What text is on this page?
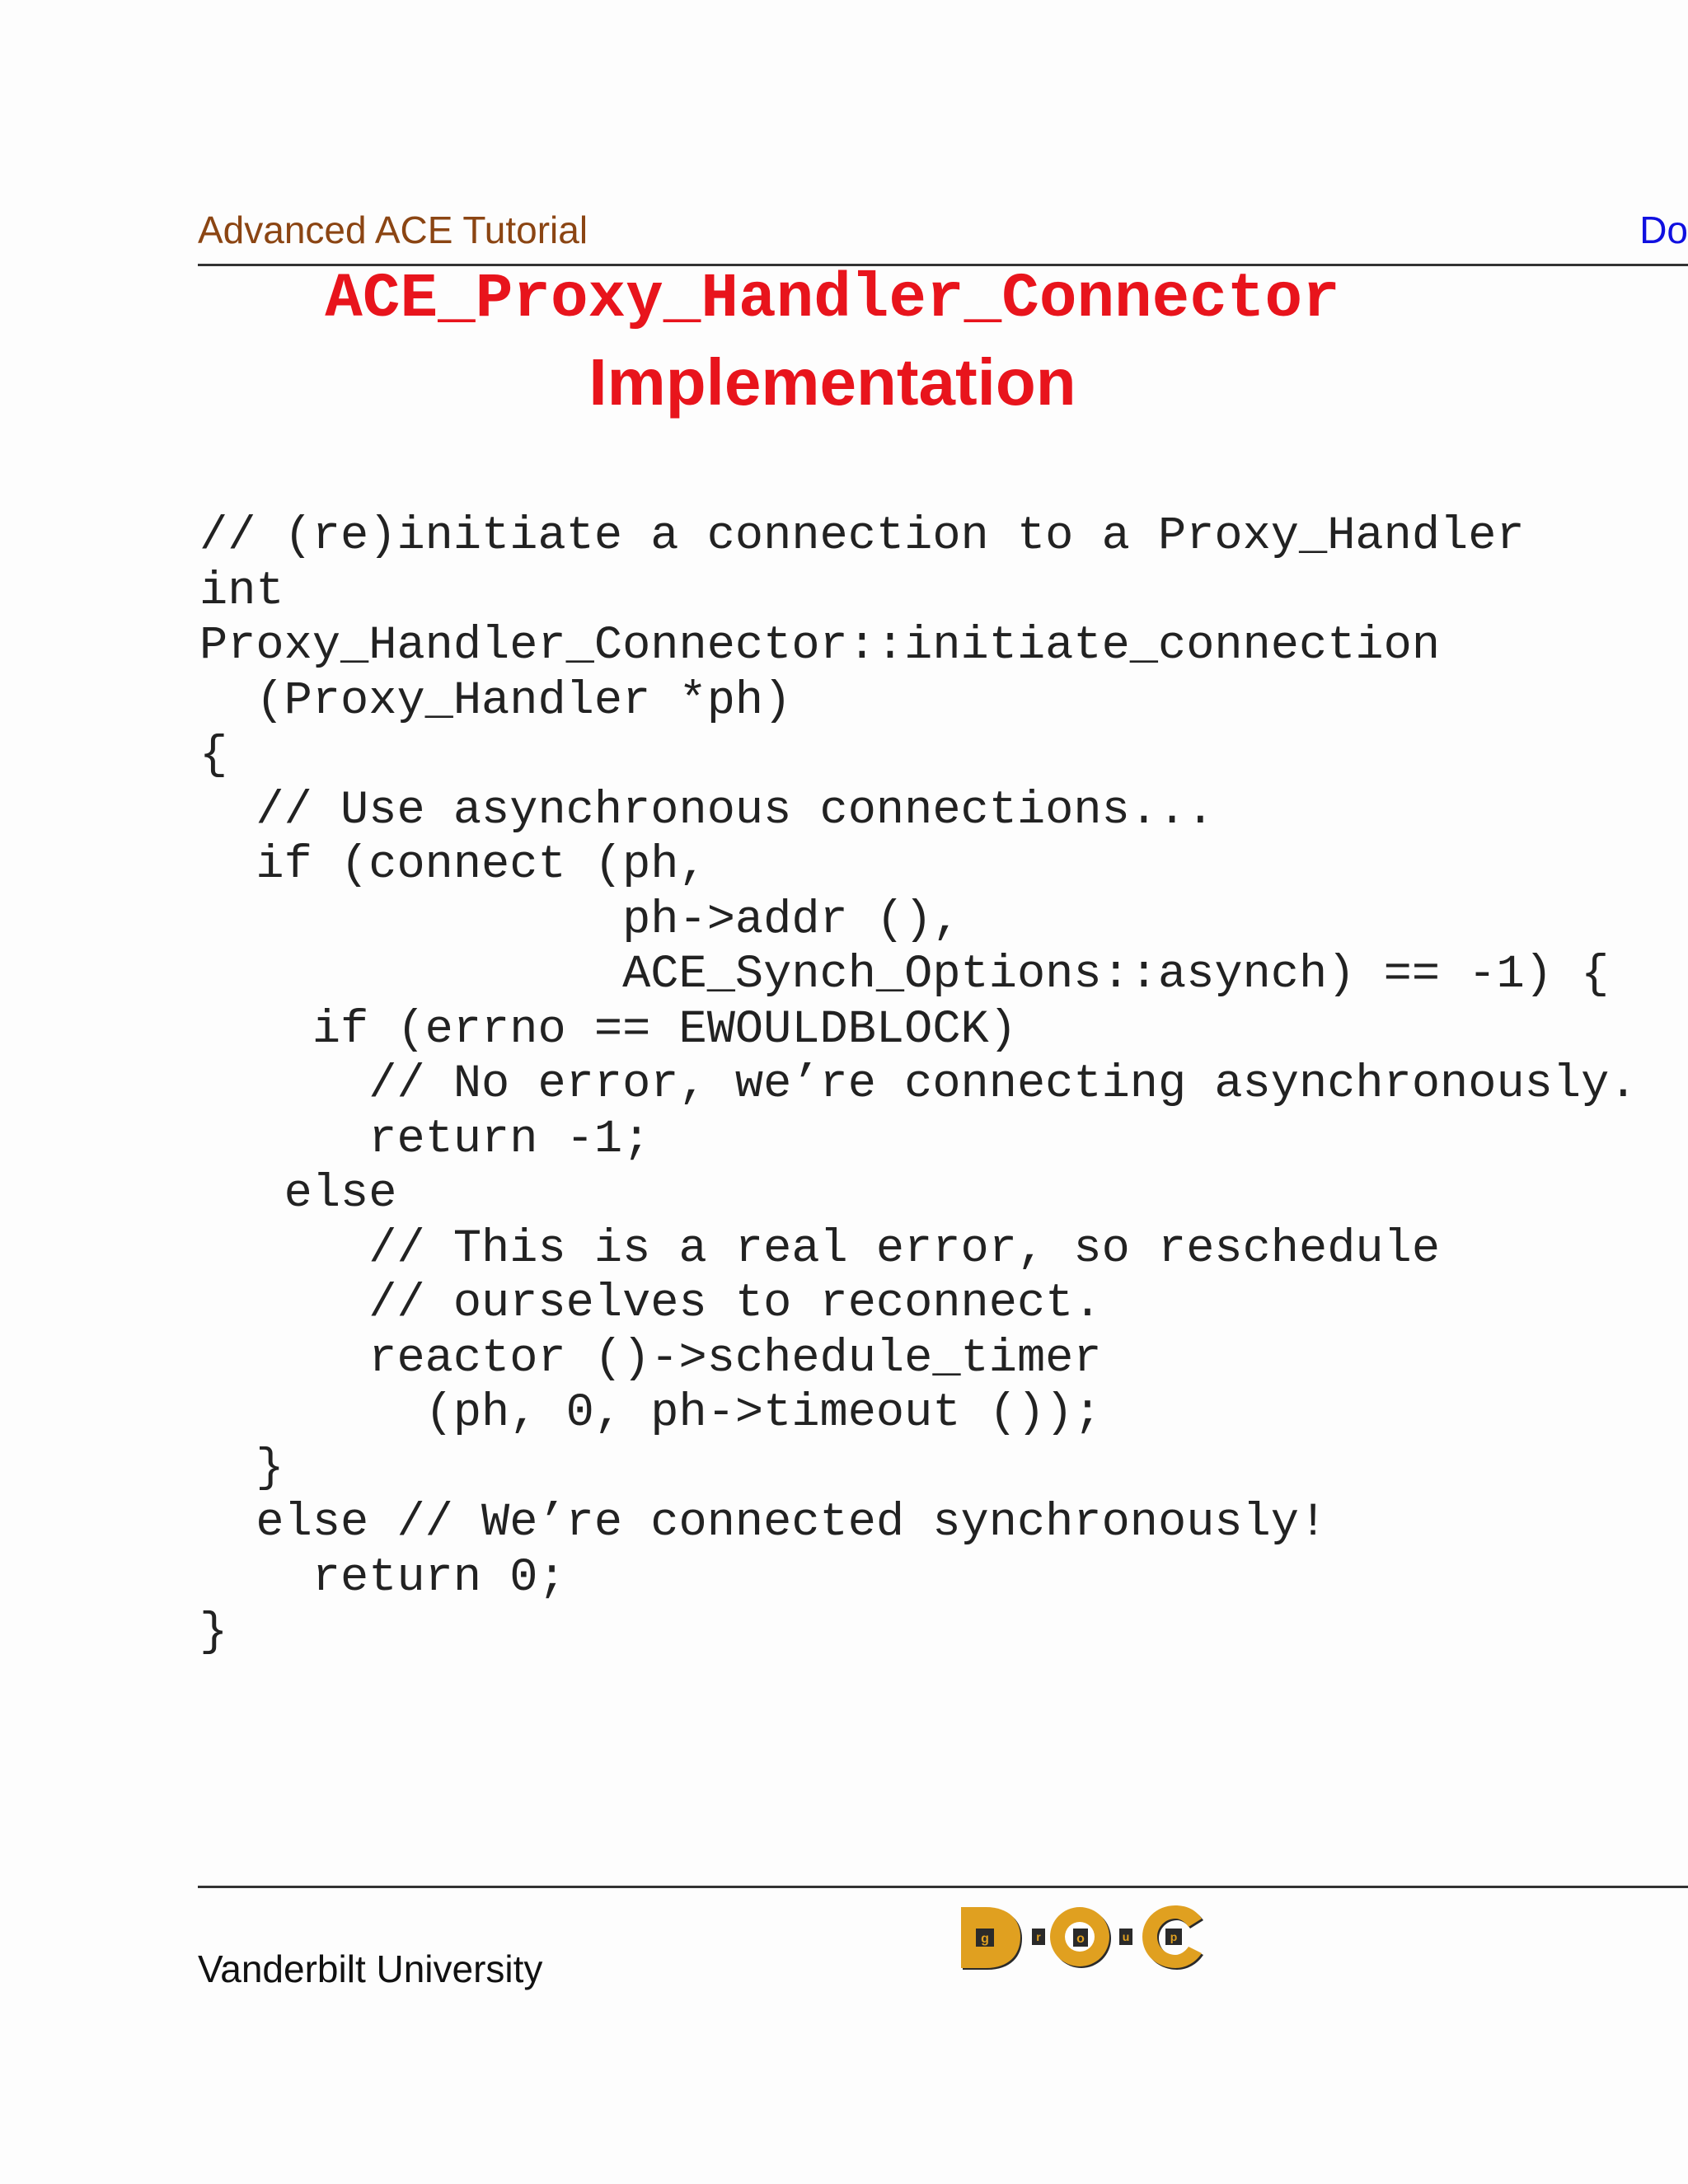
Advanced ACE Tutorial	Do
ACE_Proxy_Handler_Connector
Implementation
// (re)initiate a connection to a Proxy_Handler
int
Proxy_Handler_Connector::initiate_connection
(Proxy_Handler *ph)
{
// Use asynchronous connections...
if (connect (ph,
ph->addr (),
ACE_Synch_Options::asynch) == -1) {
if (errno == EWOULDBLOCK)
// No error, we’re connecting asynchronously.
return -1;
else
// This is a real error, so reschedule
// ourselves to reconnect.
reactor ()->schedule_timer
(ph, 0, ph->timeout ());
}
else // We’re connected synchronously!
return 0;
}
Vanderbilt University
g	r	o	u	p
